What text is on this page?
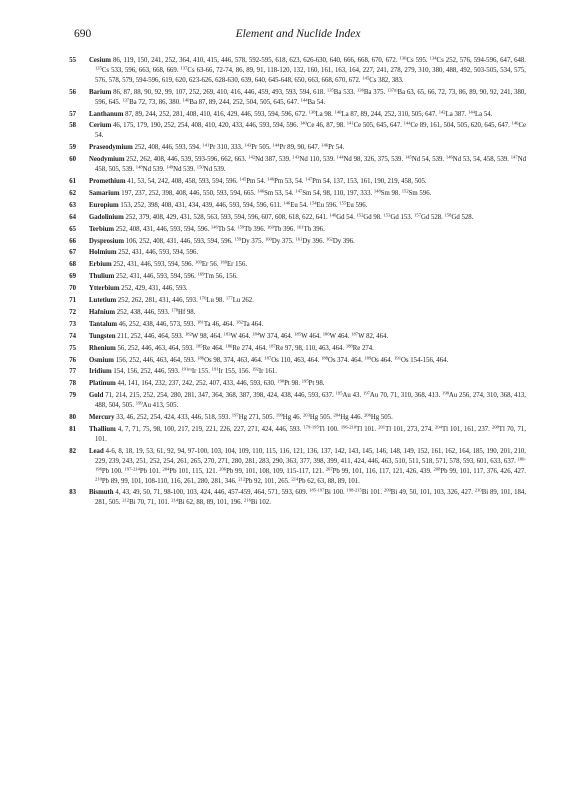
690	Element and Nuclide Index
55 Cesium 86, 119, 150, 241, 252, 364, 410, 415, 446, 578, 592-595, 618, 623, 626-630, 640, 666, 668, 670, 672. $^{130}$Cs 595. $^{134}$Cs 252, 576, 594-596, 647, 648. $^{135}$Cs 533, 596, 663, 668, 669. $^{137}$Cs 63-66, 72-74, 86, 89, 91, 118-120, 132, 160, 161, 163, 164, 227, 241, 278, 279, 310, 380, 488, 492, 503-505, 534, 575, 576, 578, 579, 594-596, 619, 620, 623-626, 628-630, 639, 640, 645-648, 650, 663, 668, 670, 672. $^{145}$Cs 382, 383.
56 Barium 86, 87, 88, 90, 92, 99, 107, 252, 269, 410, 416, 446, 459, 493, 593, 594, 618. $^{135}$Ba 533. $^{136}$Ba 375. $^{137m}$Ba 63, 65, 66, 72, 73, 86, 89, 90, 92, 241, 380, 596, 645. $^{137}$Ba 72, 73, 86, 380. $^{140}$Ba 87, 89, 244, 252, 504, 505, 645, 647. $^{144}$Ba 54.
57 Lanthanum 87, 89, 244, 252, 281, 408, 410, 416, 429, 446, 593, 594, 596, 672. $^{138}$La 98. $^{140}$La 87, 89, 244, 252, 310, 505, 647. $^{142}$La 387. $^{144}$La 54.
58 Cerium 46, 175, 179, 190, 252, 254, 408, 410, 420, 433, 446, 593, 594, 596. $^{140}$Ce 46, 87, 98. $^{141}$Ce 505, 645, 647. $^{144}$Ce 89, 161, 504, 505, 620, 645, 647. $^{146}$Ce 54.
59 Praseodymium 252, 408, 446, 593, 594. $^{141}$Pr 310, 333. $^{143}$Pr 505. $^{144}$Pr 89, 90, 647. $^{146}$Pr 54.
60 Neodymium 252, 262, 408, 446, 539, 593-596, 662, 663. $^{142}$Nd 387, 539. $^{143}$Nd 110, 539. $^{144}$Nd 98, 326, 375, 539. $^{145}$Nd 54, 539. $^{146}$Nd 53, 54, 458, 539. $^{147}$Nd 458, 505, 539. $^{148}$Nd 539. $^{149}$Nd 539. $^{150}$Nd 539.
61 Promethium 41, 53, 54, 242, 408, 458, 593, 594, 596. $^{145}$Pm 54. $^{146}$Pm 53, 54. $^{147}$Pm 54, 137, 153, 161, 190, 219, 458, 505.
62 Samarium 197, 237, 252, 398, 408, 446, 550, 593, 594, 665. $^{146}$Sm 53, 54. $^{147}$Sm 54, 98, 110, 197, 333. $^{148}$Sm 98. $^{152}$Sm 596.
63 Europium 153, 252, 398, 408, 431, 434, 439, 446, 593, 594, 596, 611. $^{146}$Eu 54. $^{154}$Eu 596. $^{155}$Eu 596.
64 Gadolinium 252, 379, 408, 429, 431, 528, 563, 593, 594, 596, 607, 608, 618, 622, 641. $^{146}$Gd 54. $^{152}$Gd 98. $^{153}$Gd 153. $^{157}$Gd 528. $^{158}$Gd 528.
65 Terbium 252, 408, 431, 446, 593, 594, 596. $^{146}$Tb 54. $^{159}$Tb 396. $^{160}$Tb 396. $^{161}$Tb 396.
66 Dysprosium 106, 252, 408, 431, 446, 593, 594, 596. $^{159}$Dy 375. $^{160}$Dy 375. $^{161}$Dy 396. $^{162}$Dy 396.
67 Holmium 252, 431, 446, 593, 594, 596.
68 Erbium 252, 431, 446, 593, 594, 596. $^{169}$Er 56. $^{169}$Er 156.
69 Thulium 252, 431, 446, 593, 594, 596. $^{169}$Tm 56, 156.
70 Ytterbium 252, 429, 431, 446, 593.
71 Lutetium 252, 262, 281, 431, 446, 593. $^{176}$Lu 98. $^{177}$Lu 262.
72 Hafnium 252, 438, 446, 593. $^{178}$Hf 98.
73 Tantalum 46, 252, 438, 446, 573, 593. $^{181}$Ta 46, 464. $^{182}$Ta 464.
74 Tungsten 211, 252, 446, 464, 593. $^{182}$W 98, 464. $^{183}$W 464. $^{184}$W 374, 464. $^{185}$W 464. $^{186}$W 464. $^{187}$W 82, 464.
75 Rhenium 56, 252, 446, 463, 464, 593. $^{185}$Re 464. $^{186}$Re 274, 464. $^{187}$Re 97, 98, 110, 463, 464. $^{188}$Re 274.
76 Osmium 156, 252, 446, 463, 464, 593. $^{186}$Os 98, 374, 463, 464. $^{187}$Os 110, 463, 464. $^{188}$Os 374. 464. $^{189}$Os 464. $^{191}$Os 154-156, 464.
77 Iridium 154, 156, 252, 446, 593. $^{191m}$Ir 155. $^{191}$Ir 155, 156. $^{192}$Ir 161.
78 Platinum 44, 141, 164, 232, 237, 242, 252, 407, 433, 446, 593, 630. $^{190}$Pt 98. $^{195}$Pt 98.
79 Gold 71, 214, 215, 252, 254, 280, 281, 347, 364, 368, 387, 398, 424, 438, 446, 593, 637. $^{195}$Au 43. $^{197}$Au 70, 71, 310, 368, 413. $^{198}$Au 256, 274, 310, 368, 413, 488, 504, 505. $^{199}$Au 413, 505.
80 Mercury 33, 46, 252, 254, 424, 433, 446, 518, 593. $^{197}$Hg 271, 505. $^{199}$Hg 46. $^{203}$Hg 505. $^{204}$Hg 446. $^{206}$Hg 505.
81 Thallium 4, 7, 71, 75, 98, 100, 217, 219, 221, 226, 227, 271, 424, 446, 593. $^{179-195}$Tl 100. $^{196-210}$Tl 101. $^{201}$Tl 101, 273, 274. $^{204}$Tl 101, 161, 237. $^{208}$Tl 70, 71, 101.
82 Lead 4-6, 8, 18, 19, 53, 61, 92, 94, 97-100, 103, 104, 109, 110, 115, 116, 121, 136, 137, 142, 143, 145, 146, 148, 149, 152, 161, 162, 164, 185, 190, 201, 210, 229, 239, 243, 251, 252, 254, 261, 265, 270, 271, 280, 281, 283, 290, 363, 377, 398, 399, 411, 424, 446, 463, 510, 511, 518, 571, 578, 593, 601, 633, 637. $^{180-196}$Pb 100. $^{197-214}$Pb 101. $^{204}$Pb 101, 115, 121. $^{206}$Pb 99, 101, 108, 109, 115-117, 121. $^{207}$Pb 99, 101, 116, 117, 121, 426, 439. $^{208}$Pb 99, 101, 117, 376, 426, 427. $^{210}$Pb 89, 99, 101, 108-110, 116, 261, 280, 281, 346. $^{212}$Pb 92, 101, 265. $^{214}$Pb 62, 63, 88, 89, 101.
83 Bismuth 4, 43, 49, 50, 71, 98-100, 103, 424, 446, 457-459, 464, 571, 593, 609. $^{185-197}$Bi 100. $^{198-215}$Bi 101. $^{209}$Bi 49, 50, 101, 103, 326, 427. $^{210}$Bi 89, 101, 184, 281, 505. $^{212}$Bi 70, 71, 101. $^{214}$Bi 62, 88, 89, 101, 196. $^{216}$Bi 102.
